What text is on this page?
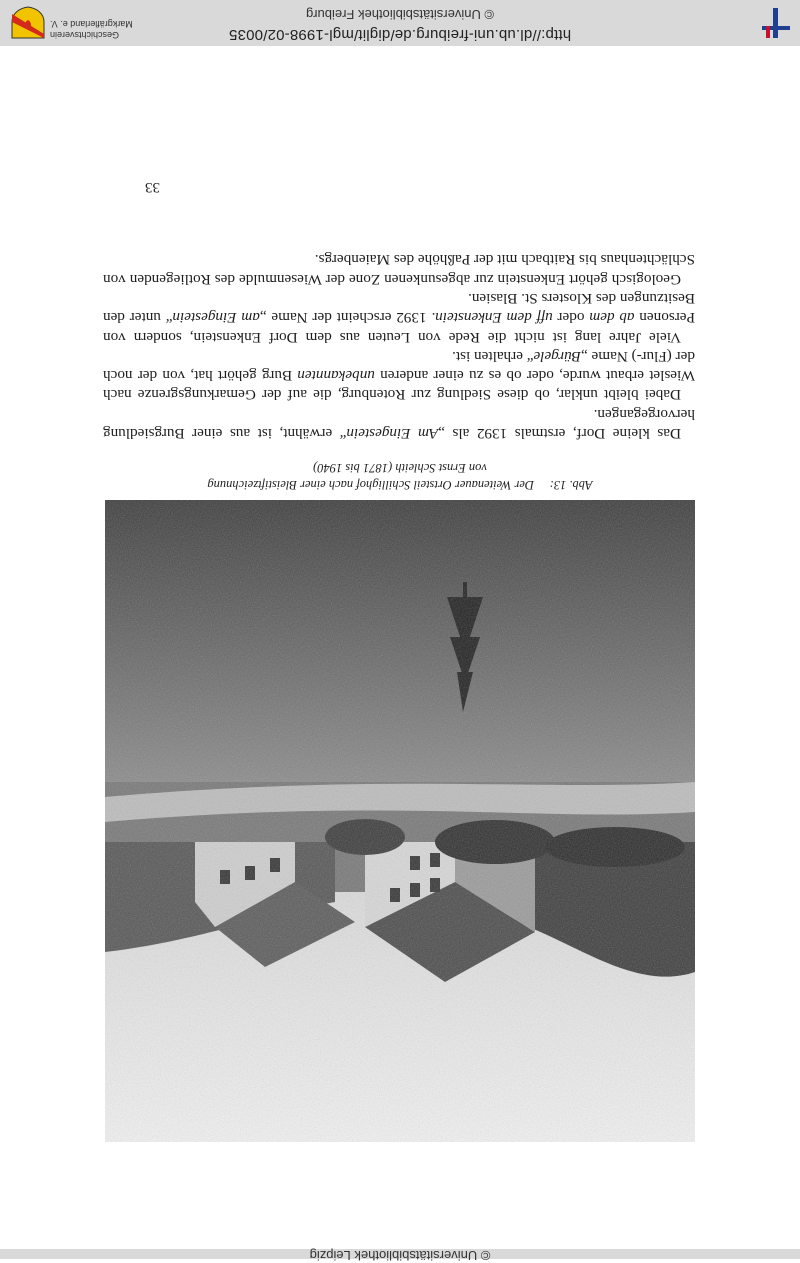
© Universitätsbibliothek Leipzig
Abb. 13:     Der Weitenauer Ortsteil Schillighof nach einer Bleistiftzeichnung
von Ernst Schleith (1871 bis 1940)

Das kleine Dorf, erstmals 1392 als „Am Eingestein“ erwähnt, ist aus einer Burgsiedlung hervorgegangen.

Dabei bleibt unklar, ob diese Siedlung zur Rotenburg, die auf der Gemarkungsgrenze nach Wieslet erbaut wurde, oder ob es zu einer anderen unbekannten Burg gehört hat, von der noch der (Flur-) Name „Bürgele“ erhalten ist.

Viele Jahre lang ist nicht die Rede von Leuten aus dem Dorf Enkenstein, sondern von Personen ab dem oder uff dem Enkenstein. 1392 erscheint der Name „am Eingestein“ unter den Besitzungen des Klosters St. Blasien.

Geologisch gehört Enkenstein zur abgesunkenen Zone der Wiesenmulde des Rotliegenden von Schlächtenhaus bis Raitbach mit der Paßhöhe des Maienbergs.

33
http://dl.ub.uni-freiburg.de/diglit/mgl-1998-02/0035
© Universitätsbibliothek Freiburg
Geschichtsverein
Markgräflerland e. V.
